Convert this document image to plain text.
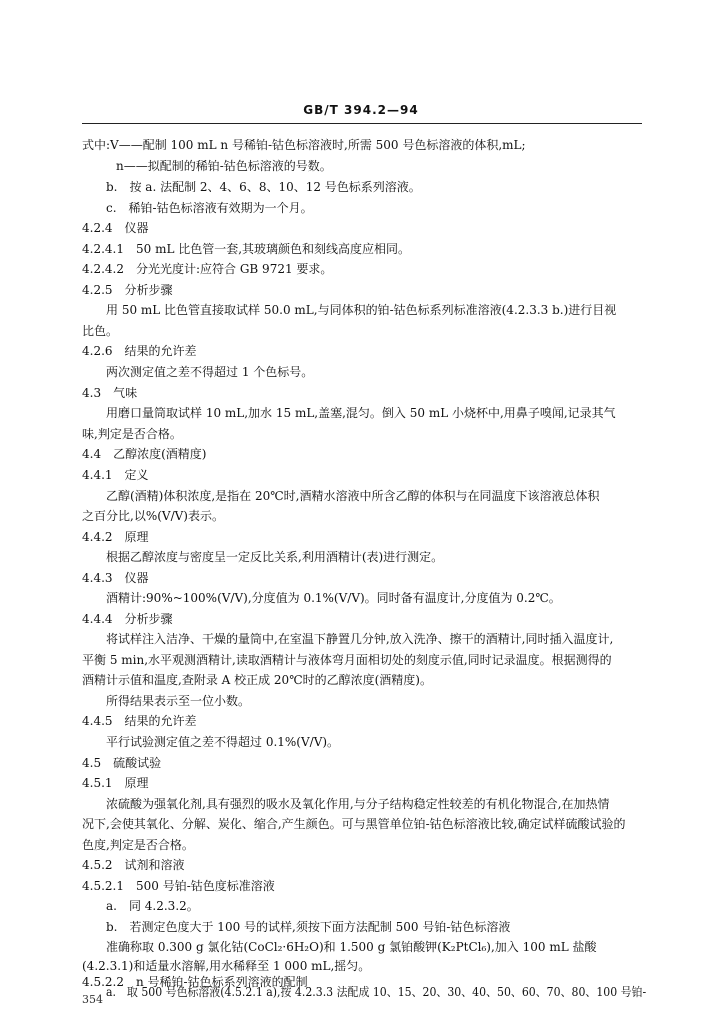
GB/T 394.2—94
式中:V——配制 100 mL n 号稀铂-钴色标溶液时,所需 500 号色标溶液的体积,mL;
n——拟配制的稀铂-钴色标溶液的号数。
b.　按 a. 法配制 2、4、6、8、10、12 号色标系列溶液。
c.　稀铂-钴色标溶液有效期为一个月。
4.2.4　仪器
4.2.4.1　50 mL 比色管一套,其玻璃颜色和刻线高度应相同。
4.2.4.2　分光光度计:应符合 GB 9721 要求。
4.2.5　分析步骤
用 50 mL 比色管直接取试样 50.0 mL,与同体积的铂-钴色标系列标准溶液(4.2.3.3 b.)进行目视
比色。
4.2.6　结果的允许差
两次测定值之差不得超过 1 个色标号。
4.3　气味
用磨口量筒取试样 10 mL,加水 15 mL,盖塞,混匀。倒入 50 mL 小烧杯中,用鼻子嗅闻,记录其气
味,判定是否合格。
4.4　乙醇浓度(酒精度)
4.4.1　定义
乙醇(酒精)体积浓度,是指在 20℃时,酒精水溶液中所含乙醇的体积与在同温度下该溶液总体积
之百分比,以%(V/V)表示。
4.4.2　原理
根据乙醇浓度与密度呈一定反比关系,利用酒精计(表)进行测定。
4.4.3　仪器
酒精计:90%~100%(V/V),分度值为 0.1%(V/V)。同时备有温度计,分度值为 0.2℃。
4.4.4　分析步骤
将试样注入洁净、干燥的量筒中,在室温下静置几分钟,放入洗净、擦干的酒精计,同时插入温度计,
平衡 5 min,水平观测酒精计,读取酒精计与液体弯月面相切处的刻度示值,同时记录温度。根据测得的
酒精计示值和温度,查附录 A 校正成 20℃时的乙醇浓度(酒精度)。
所得结果表示至一位小数。
4.4.5　结果的允许差
平行试验测定值之差不得超过 0.1%(V/V)。
4.5　硫酸试验
4.5.1　原理
浓硫酸为强氧化剂,具有强烈的吸水及氧化作用,与分子结构稳定性较差的有机化物混合,在加热情
况下,会使其氧化、分解、炭化、缩合,产生颜色。可与黑管单位铂-钴色标溶液比较,确定试样硫酸试验的
色度,判定是否合格。
4.5.2　试剂和溶液
4.5.2.1　500 号铂-钴色度标准溶液
a.　同 4.2.3.2。
b.　若测定色度大于 100 号的试样,须按下面方法配制 500 号铂-钴色标溶液
准确称取 0.300 g 氯化钴(CoCl₂·6H₂O)和 1.500 g 氯铂酸钾(K₂PtCl₆),加入 100 mL 盐酸
(4.2.3.1)和适量水溶解,用水稀释至 1 000 mL,摇匀。
4.5.2.2　n 号稀铂-钴色标系列溶液的配制
a.　取 500 号色标溶液(4.5.2.1 a),按 4.2.3.3 法配成 10、15、20、30、40、50、60、70、80、100 号铂-
354
